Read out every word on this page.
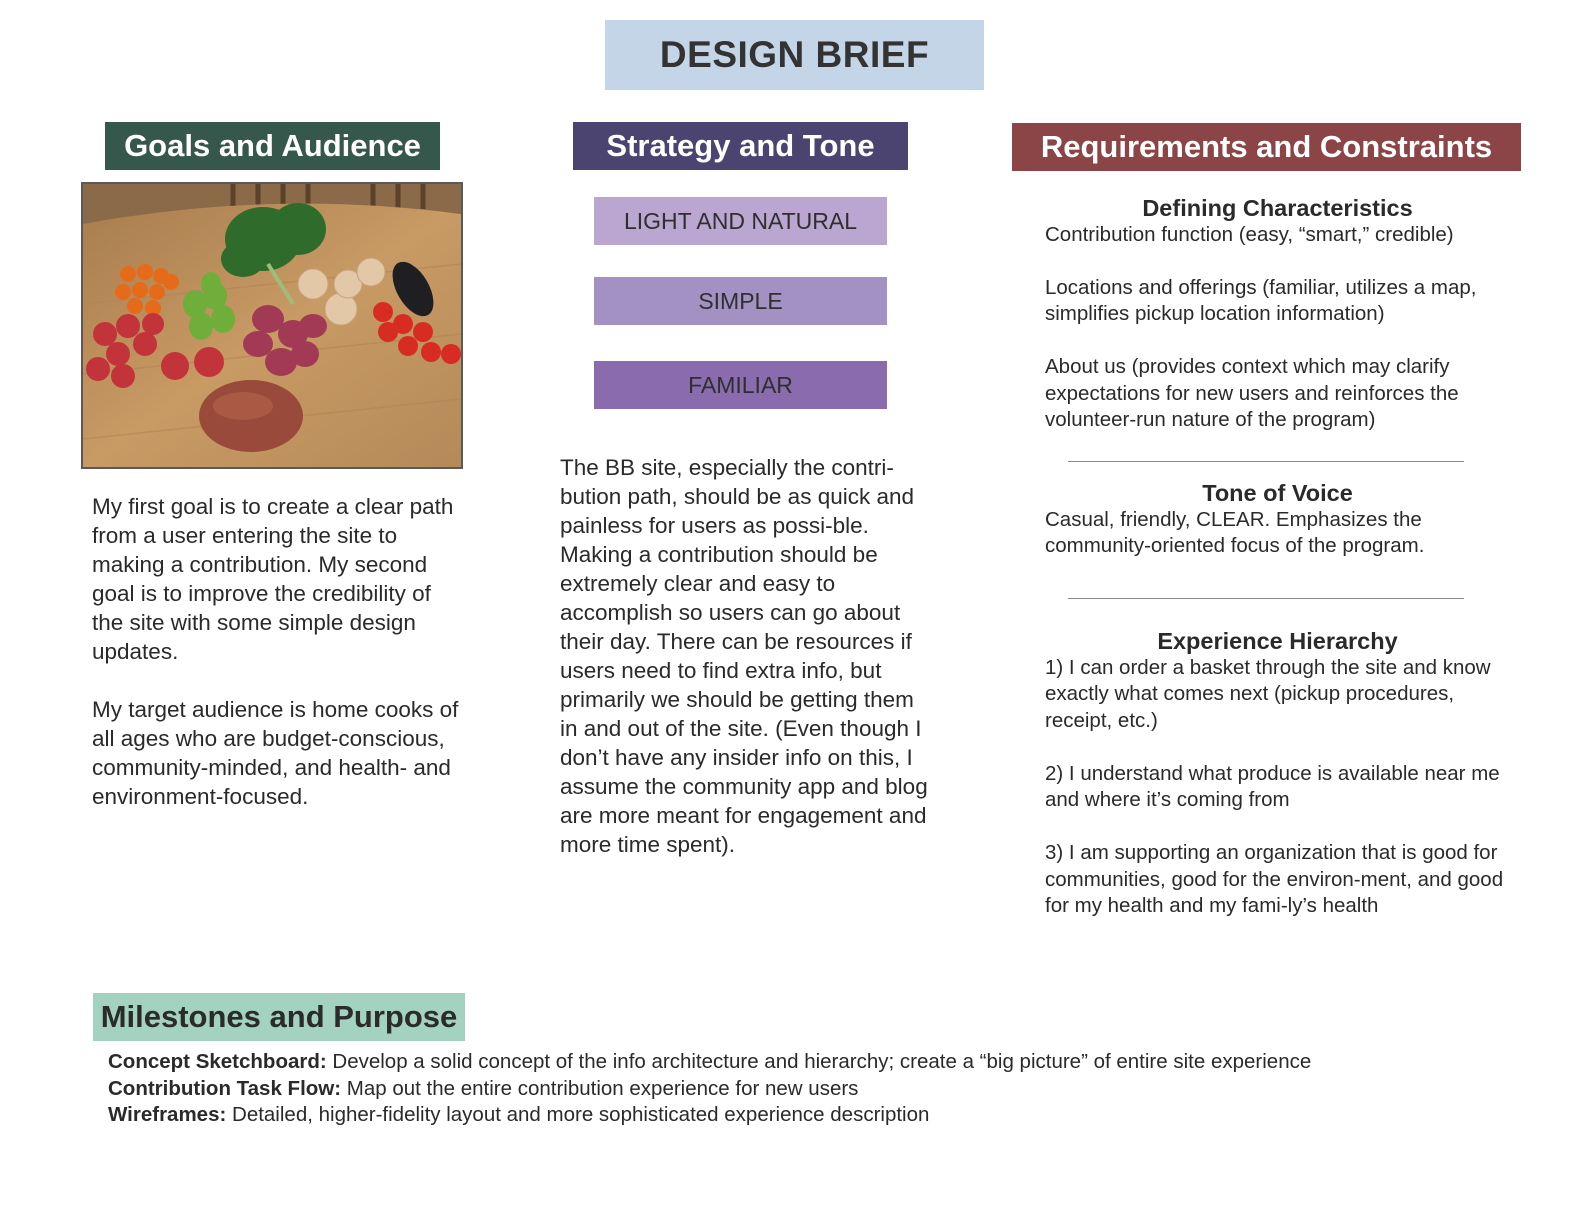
DESIGN BRIEF
Goals and Audience

My first goal is to create a clear path from a user entering the site to making a contribution. My second goal is to improve the credibility of the site with some simple design updates.

My target audience is home cooks of all ages who are budget-conscious, community-minded, and health- and environment-focused.

Strategy and Tone
LIGHT AND NATURAL
SIMPLE
FAMILIAR
The BB site, especially the contri-bution path, should be as quick and painless for users as possi-ble. Making a contribution should be extremely clear and easy to accomplish so users can go about their day. There can be resources if users need to find extra info, but primarily we should be getting them in and out of the site. (Even though I don’t have any insider info on this, I assume the community app and blog are more meant for engagement and more time spent).
Requirements and Constraints
Defining Characteristics

Contribution function (easy, “smart,” credible)

Locations and offerings (familiar, utilizes a map, simplifies pickup location information)

About us (provides context which may clarify expectations for new users and reinforces the volunteer-run nature of the program)

Tone of Voice

Casual, friendly, CLEAR. Emphasizes the community-oriented focus of the program.

Experience Hierarchy

1) I can order a basket through the site and know exactly what comes next (pickup procedures, receipt, etc.)

2) I understand what produce is available near me and where it’s coming from

3) I am supporting an organization that is good for communities, good for the environ-ment, and good for my health and my fami-ly’s health

Milestones and Purpose
Concept Sketchboard: Develop a solid concept of the info architecture and hierarchy; create a “big picture” of entire site experience
Contribution Task Flow: Map out the entire contribution experience for new users
Wireframes: Detailed, higher-fidelity layout and more sophisticated experience description
